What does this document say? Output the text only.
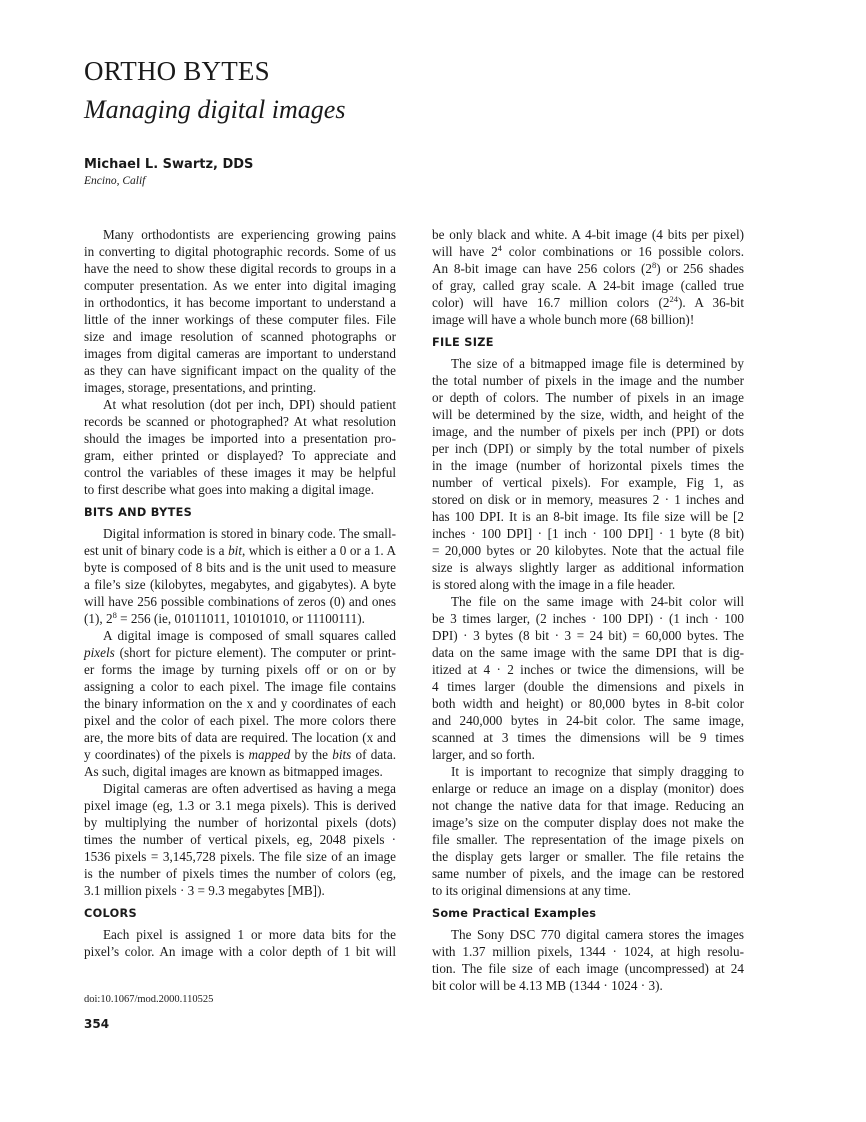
ORTHO BYTES
Managing digital images
Michael L. Swartz, DDS
Encino, Calif
Many orthodontists are experiencing growing pains
in converting to digital photographic records. Some of us
have the need to show these digital records to groups in a
computer presentation. As we enter into digital imaging
in orthodontics, it has become important to understand a
little of the inner workings of these computer files. File
size and image resolution of scanned photographs or
images from digital cameras are important to understand
as they can have significant impact on the quality of the
images, storage, presentations, and printing.
At what resolution (dot per inch, DPI) should patient
records be scanned or photographed? At what resolution
should the images be imported into a presentation pro-
gram, either printed or displayed? To appreciate and
control the variables of these images it may be helpful
to first describe what goes into making a digital image.
BITS AND BYTES
Digital information is stored in binary code. The small-
est unit of binary code is a bit, which is either a 0 or a 1. A
byte is composed of 8 bits and is the unit used to measure
a file’s size (kilobytes, megabytes, and gigabytes). A byte
will have 256 possible combinations of zeros (0) and ones
(1), $2^8 = 256$ (ie, 01011011, 10101010, or 11100111).
A digital image is composed of small squares called
pixels (short for picture element). The computer or print-
er forms the image by turning pixels off or on or by
assigning a color to each pixel. The image file contains
the binary information on the x and y coordinates of each
pixel and the color of each pixel. The more colors there
are, the more bits of data are required. The location (x and
y coordinates) of the pixels is mapped by the bits of data.
As such, digital images are known as bitmapped images.
Digital cameras are often advertised as having a mega
pixel image (eg, 1.3 or 3.1 mega pixels). This is derived
by multiplying the number of horizontal pixels (dots)
times the number of vertical pixels, eg, 2048 pixels ·
1536 pixels = 3,145,728 pixels. The file size of an image
is the number of pixels times the number of colors (eg,
3.1 million pixels · 3 = 9.3 megabytes [MB]).
COLORS
Each pixel is assigned 1 or more data bits for the
pixel’s color. An image with a color depth of 1 bit will
be only black and white. A 4-bit image (4 bits per pixel)
will have $2^4$ color combinations or 16 possible colors.
An 8-bit image can have 256 colors $(2^8)$ or 256 shades
of gray, called gray scale. A 24-bit image (called true
color) will have 16.7 million colors $(2^{24})$. A 36-bit
image will have a whole bunch more (68 billion)!
FILE SIZE
The size of a bitmapped image file is determined by
the total number of pixels in the image and the number
or depth of colors. The number of pixels in an image
will be determined by the size, width, and height of the
image, and the number of pixels per inch (PPI) or dots
per inch (DPI) or simply by the total number of pixels
in the image (number of horizontal pixels times the
number of vertical pixels). For example, Fig 1, as
stored on disk or in memory, measures 2 · 1 inches and
has 100 DPI. It is an 8-bit image. Its file size will be [2
inches · 100 DPI] · [1 inch · 100 DPI] · 1 byte (8 bit)
= 20,000 bytes or 20 kilobytes. Note that the actual file
size is always slightly larger as additional information
is stored along with the image in a file header.
The file on the same image with 24-bit color will
be 3 times larger, (2 inches · 100 DPI) · (1 inch · 100
DPI) · 3 bytes (8 bit · 3 = 24 bit) = 60,000 bytes. The
data on the same image with the same DPI that is dig-
itized at 4 · 2 inches or twice the dimensions, will be
4 times larger (double the dimensions and pixels in
both width and height) or 80,000 bytes in 8-bit color
and 240,000 bytes in 24-bit color. The same image,
scanned at 3 times the dimensions will be 9 times
larger, and so forth.
It is important to recognize that simply dragging to
enlarge or reduce an image on a display (monitor) does
not change the native data for that image. Reducing an
image’s size on the computer display does not make the
file smaller. The representation of the image pixels on
the display gets larger or smaller. The file retains the
same number of pixels, and the image can be restored
to its original dimensions at any time.
Some Practical Examples
The Sony DSC 770 digital camera stores the images
with 1.37 million pixels, 1344 · 1024, at high resolu-
tion. The file size of each image (uncompressed) at 24
bit color will be 4.13 MB (1344 · 1024 · 3).
doi:10.1067/mod.2000.110525
354
